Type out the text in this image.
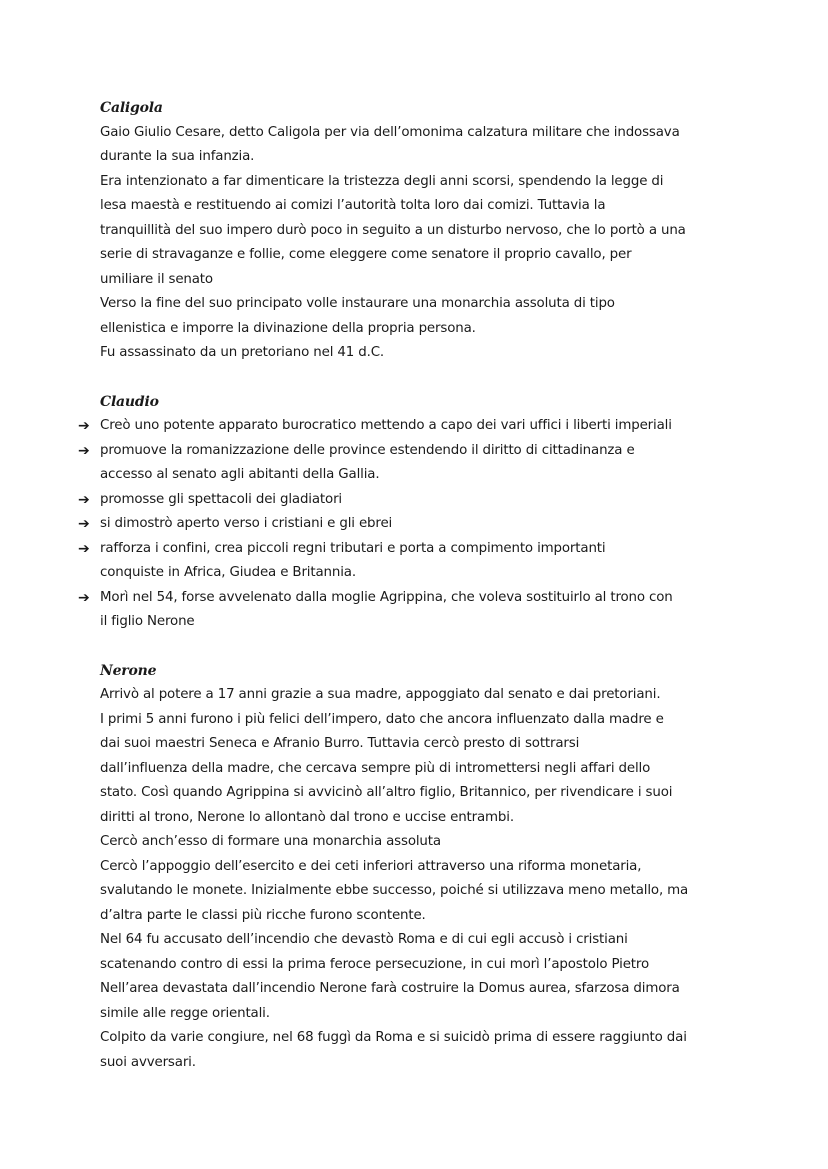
Caligola
Gaio Giulio Cesare, detto Caligola per via dell’omonima calzatura militare che indossava
durante la sua infanzia.
Era intenzionato a far dimenticare la tristezza degli anni scorsi, spendendo la legge di
lesa maestà e restituendo ai comizi l’autorità tolta loro dai comizi. Tuttavia la
tranquillità del suo impero durò poco in seguito a un disturbo nervoso, che lo portò a una
serie di stravaganze e follie, come eleggere come senatore il proprio cavallo, per
umiliare il senato
Verso la fine del suo principato volle instaurare una monarchia assoluta di tipo
ellenistica e imporre la divinazione della propria persona.
Fu assassinato da un pretoriano nel 41 d.C.
Claudio
➔ Creò uno potente apparato burocratico mettendo a capo dei vari uffici i liberti imperiali
➔ promuove la romanizzazione delle province estendendo il diritto di cittadinanza e
accesso al senato agli abitanti della Gallia.
➔ promosse gli spettacoli dei gladiatori
➔ si dimostrò aperto verso i cristiani e gli ebrei
➔ rafforza i confini, crea piccoli regni tributari e porta a compimento importanti
conquiste in Africa, Giudea e Britannia.
➔ Morì nel 54, forse avvelenato dalla moglie Agrippina, che voleva sostituirlo al trono con
il figlio Nerone
Nerone
Arrivò al potere a 17 anni grazie a sua madre, appoggiato dal senato e dai pretoriani.
I primi 5 anni furono i più felici dell’impero, dato che ancora influenzato dalla madre e
dai suoi maestri Seneca e Afranio Burro. Tuttavia cercò presto di sottrarsi
dall’influenza della madre, che cercava sempre più di intromettersi negli affari dello
stato. Così quando Agrippina si avvicinò all’altro figlio, Britannico, per rivendicare i suoi
diritti al trono, Nerone lo allontanò dal trono e uccise entrambi.
Cercò anch’esso di formare una monarchia assoluta
Cercò l’appoggio dell’esercito e dei ceti inferiori attraverso una riforma monetaria,
svalutando le monete. Inizialmente ebbe successo, poiché si utilizzava meno metallo, ma
d’altra parte le classi più ricche furono scontente.
Nel 64 fu accusato dell’incendio che devastò Roma e di cui egli accusò i cristiani
scatenando contro di essi la prima feroce persecuzione, in cui morì l’apostolo Pietro
Nell’area devastata dall’incendio Nerone farà costruire la Domus aurea, sfarzosa dimora
simile alle regge orientali.
Colpito da varie congiure, nel 68 fuggì da Roma e si suicidò prima di essere raggiunto dai
suoi avversari.
